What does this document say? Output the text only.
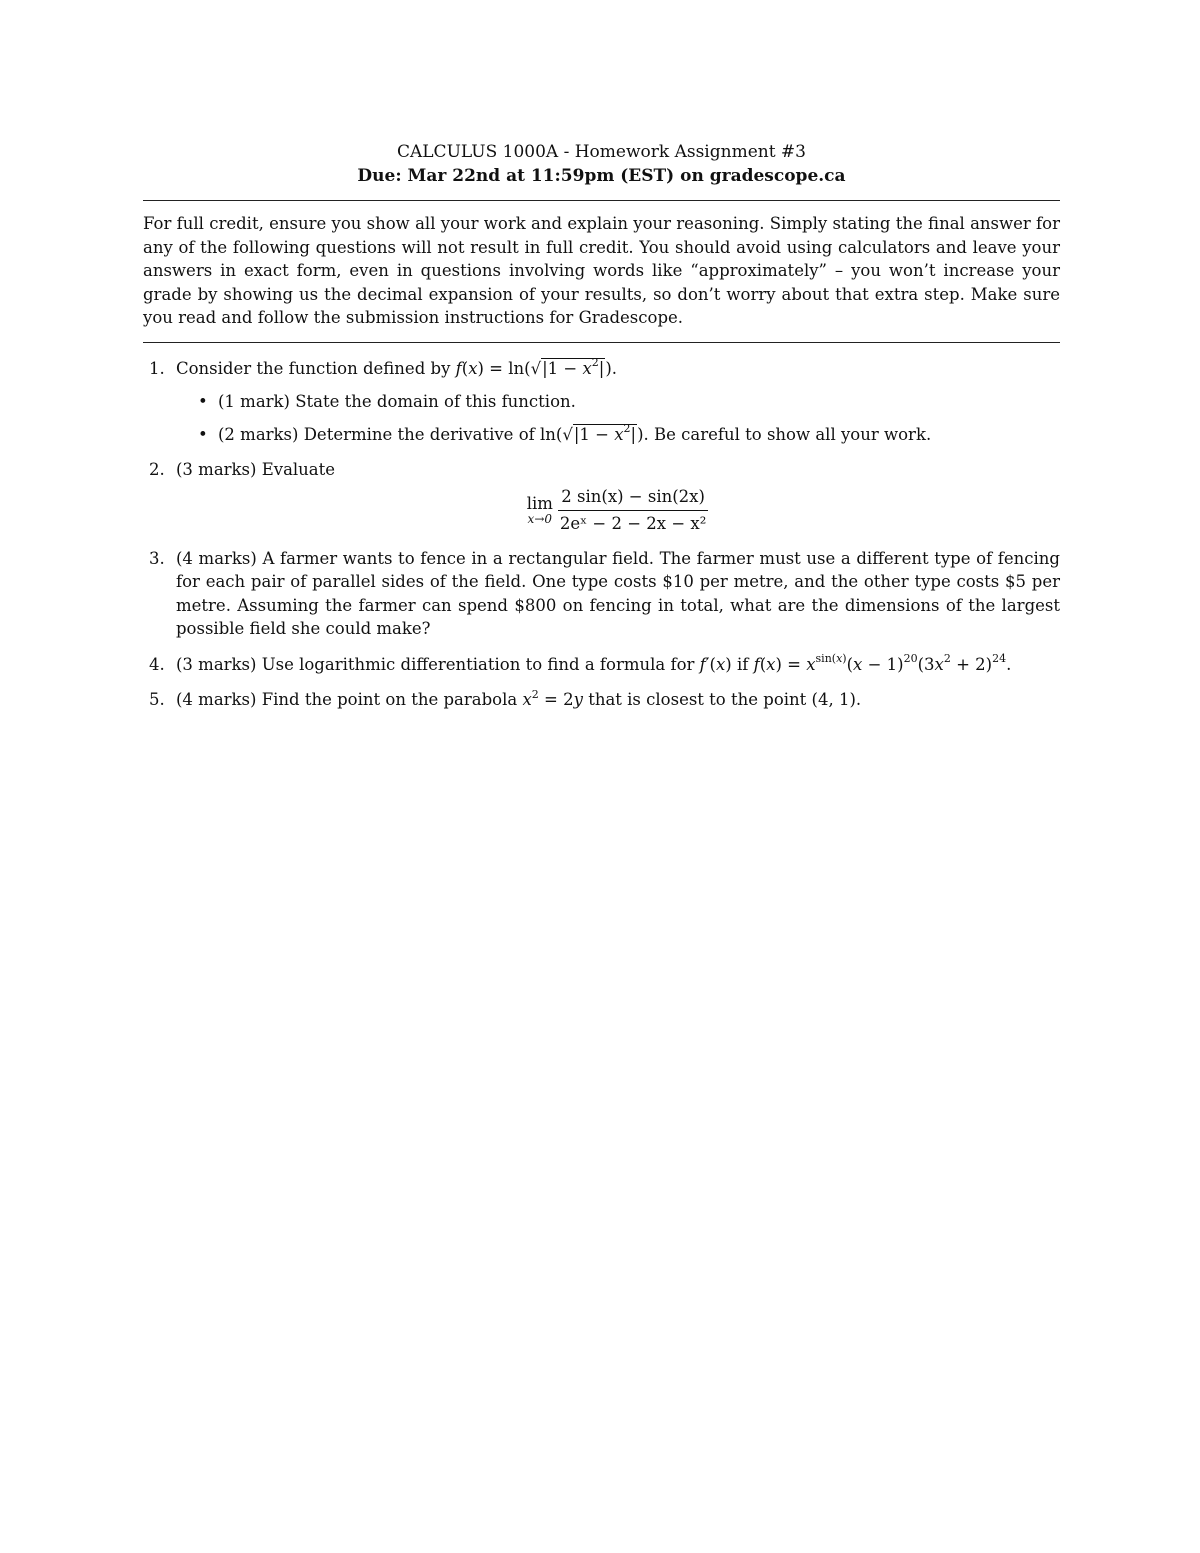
CALCULUS 1000A - Homework Assignment #3
Due: Mar 22nd at 11:59pm (EST) on gradescope.ca
For full credit, ensure you show all your work and explain your reasoning. Simply stating the final answer for any of the following questions will not result in full credit. You should avoid using calculators and leave your answers in exact form, even in questions involving words like “approximately” – you won’t increase your grade by showing us the decimal expansion of your results, so don’t worry about that extra step. Make sure you read and follow the submission instructions for Gradescope.
1. Consider the function defined by $f(x) = \ln(√|1 - x^2|)$.
• (1 mark) State the domain of this function.
• (2 marks) Determine the derivative of $\ln(√|1 - x^2|)$. Be careful to show all your work.
2. (3 marks) Evaluate
lim
$x\to 0 \frac{2 \sin(x) - \sin(2x)}{\text{2eˣ − 2 − 2x − x²}}$
3. (4 marks) A farmer wants to fence in a rectangular field. The farmer must use a different type of fencing for each pair of parallel sides of the field. One type costs $10 per metre, and the other type costs $5 per metre. Assuming the farmer can spend $800 on fencing in total, what are the dimensions of the largest possible field she could make?
4. (3 marks) Use logarithmic differentiation to find a formula for f′(x) if $f(x) = x^{sin(x)}(x - 1)^{20}(3x^2 + 2)^{24}$.
5. (4 marks) Find the point on the parabola $x^2 = 2y$ that is closest to the point (4, 1).
